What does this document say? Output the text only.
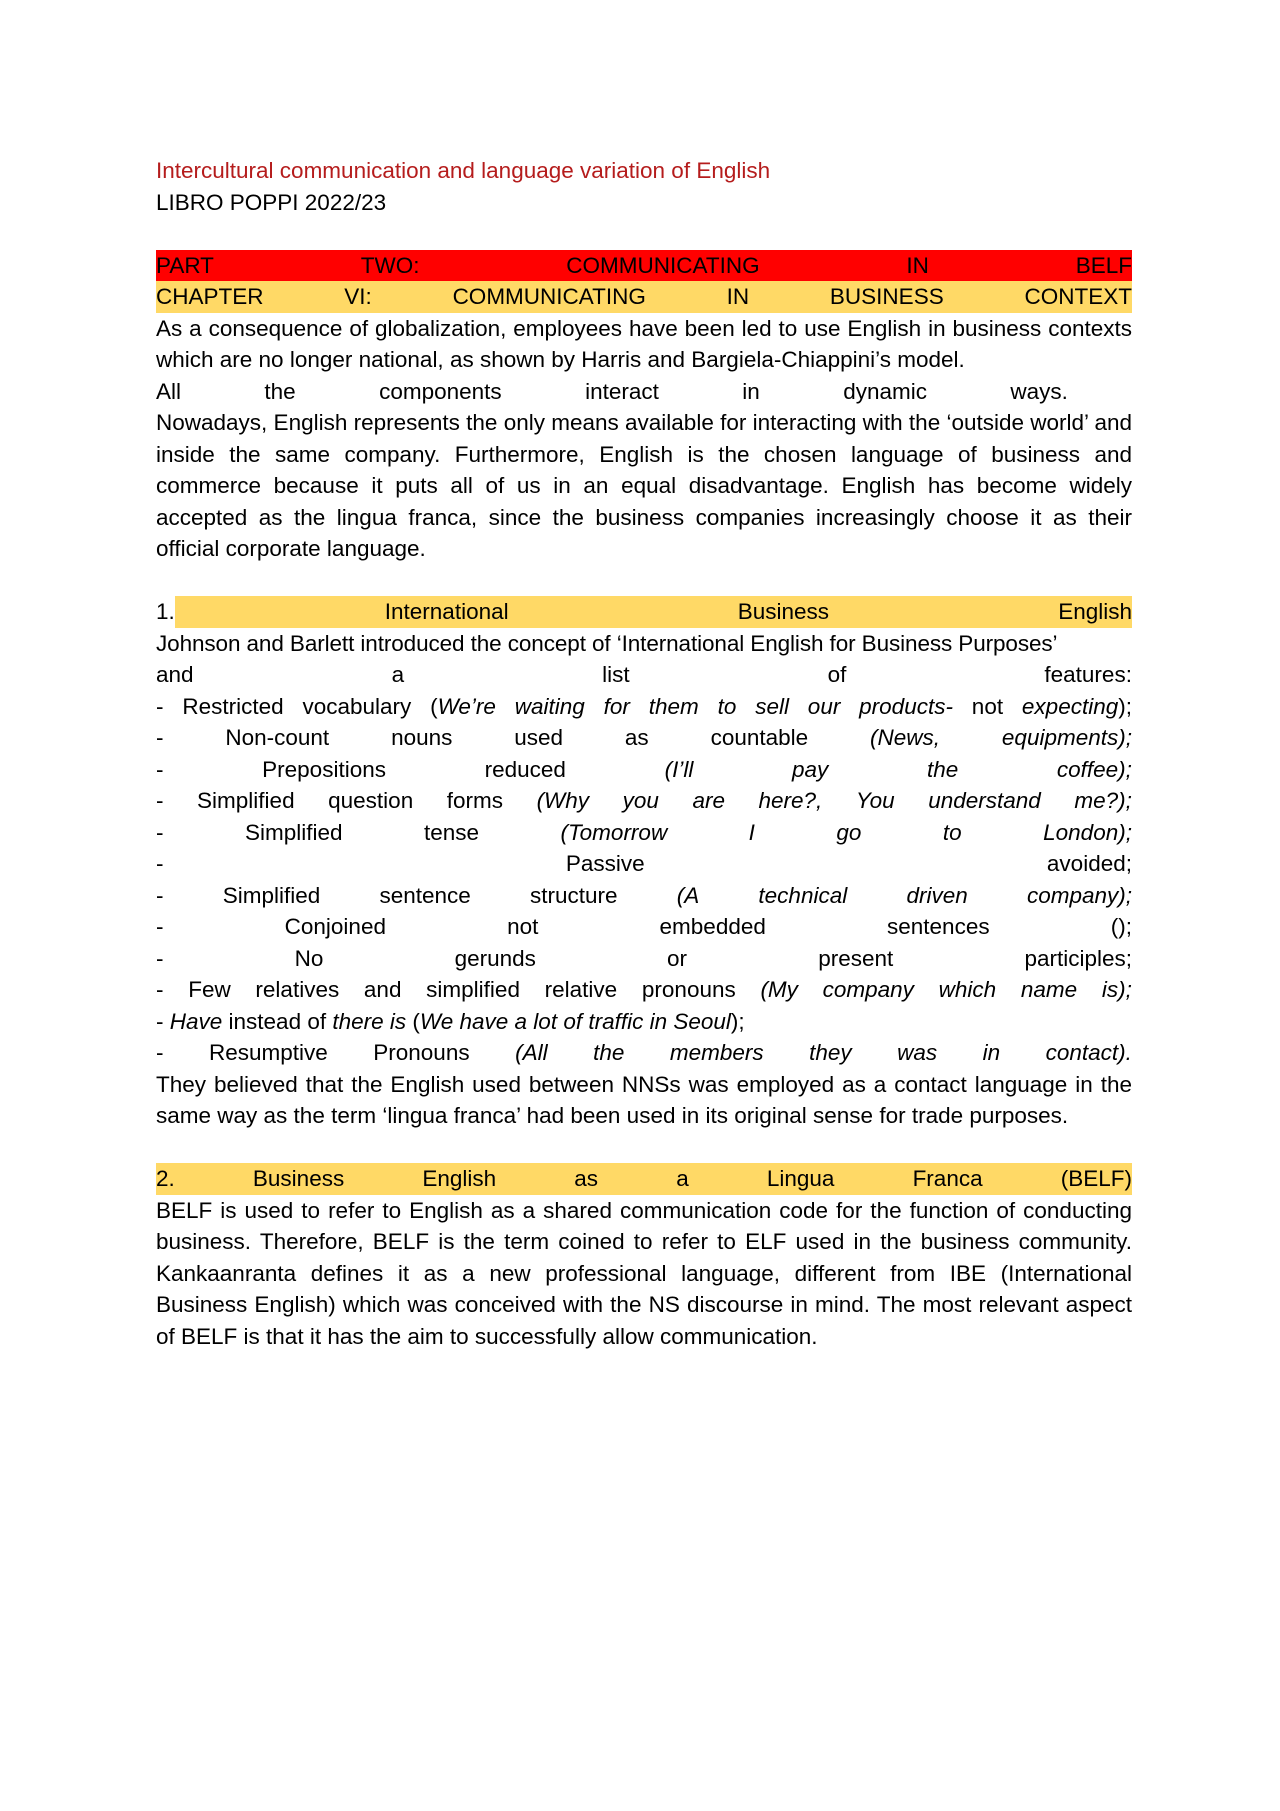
Intercultural communication and language variation of English
LIBRO POPPI 2022/23
PART	TWO:	COMMUNICATING	IN	BELF
CHAPTER	VI:	COMMUNICATING	IN	BUSINESS	CONTEXT
As a consequence of globalization, employees have been led to use English in business contexts which are no longer national, as shown by Harris and Bargiela-Chiappini’s model.
All	the	components	interact	in	dynamic	ways.
Nowadays, English represents the only means available for interacting with the ‘outside world’ and inside the same company. Furthermore, English is the chosen language of business and commerce because it puts all of us in an equal disadvantage. English has become widely accepted as the lingua franca, since the business companies increasingly choose it as their official corporate language.
1.	International	Business	English
Johnson and Barlett introduced the concept of ‘International English for Business Purposes’
and	a	list	of	features:
- Restricted vocabulary (We’re waiting for them to sell our products- not expecting);
-	Non-count	nouns	used	as	countable	(News,	equipments);
-	Prepositions	reduced	(I’ll	pay	the	coffee);
- Simplified question forms (Why you are here?, You understand me?);
-	Simplified	tense	(Tomorrow	I	go	to	London);
-	Passive	avoided;
-	Simplified	sentence	structure	(A	technical	driven	company);
-	Conjoined	not	embedded	sentences	();
-	No	gerunds	or	present	participles;
- Few relatives and simplified relative pronouns (My company which name is);
- Have instead of there is (We have a lot of traffic in Seoul);
- Resumptive Pronouns (All the members they was in contact).
They believed that the English used between NNSs was employed as a contact language in the same way as the term ‘lingua franca’ had been used in its original sense for trade purposes.
2.	Business	English	as	a	Lingua	Franca	(BELF)
BELF is used to refer to English as a shared communication code for the function of conducting business. Therefore, BELF is the term coined to refer to ELF used in the business community. Kankaanranta defines it as a new professional language, different from IBE (International Business English) which was conceived with the NS discourse in mind. The most relevant aspect of BELF is that it has the aim to successfully allow communication.
